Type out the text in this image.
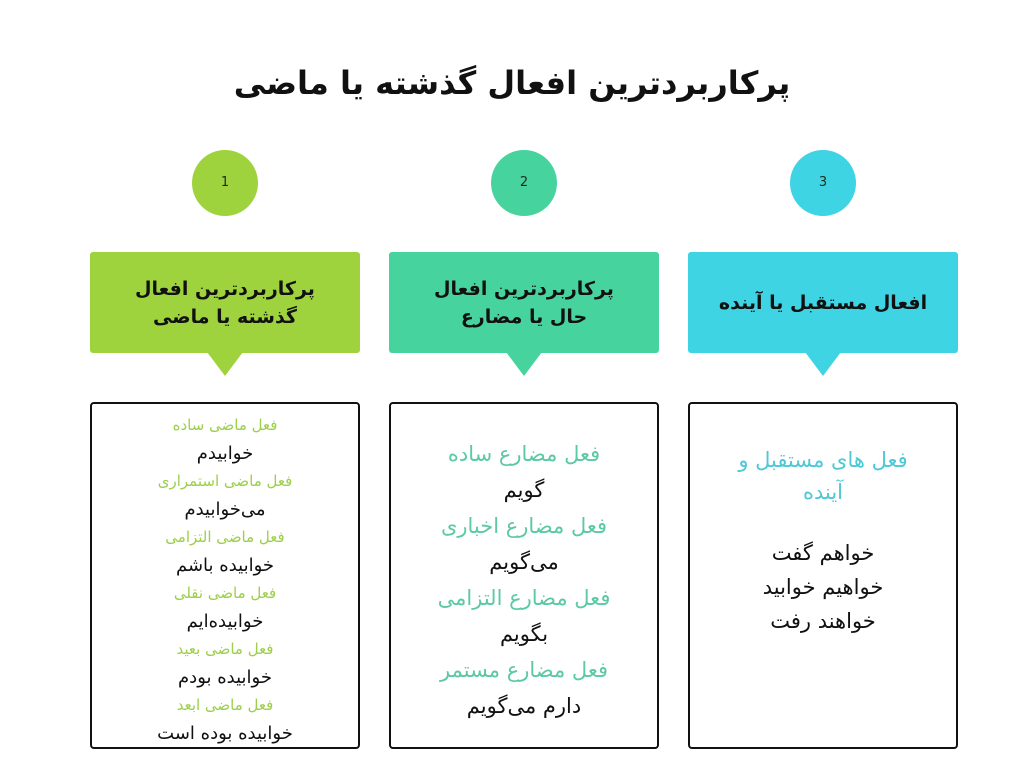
پرکاربردترین افعال گذشته یا ماضی
1
پرکاربردترین افعال گذشته یا ماضی
فعل ماضی ساده
خوابیدم
فعل ماضی استمراری
می‌خوابیدم
فعل ماضی التزامی
خوابیده باشم
فعل ماضی نقلی
خوابیده‌ایم
فعل ماضی بعید
خوابیده بودم
فعل ماضی ابعد
خوابیده بوده است
2
پرکاربردترین افعال حال یا مضارع
فعل مضارع ساده
گویم
فعل مضارع اخباری
می‌گویم
فعل مضارع التزامی
بگویم
فعل مضارع مستمر
دارم می‌گویم
3
افعال مستقبل یا آینده
فعل های مستقبل و آینده
خواهم گفت
خواهیم خوابید
خواهند رفت
